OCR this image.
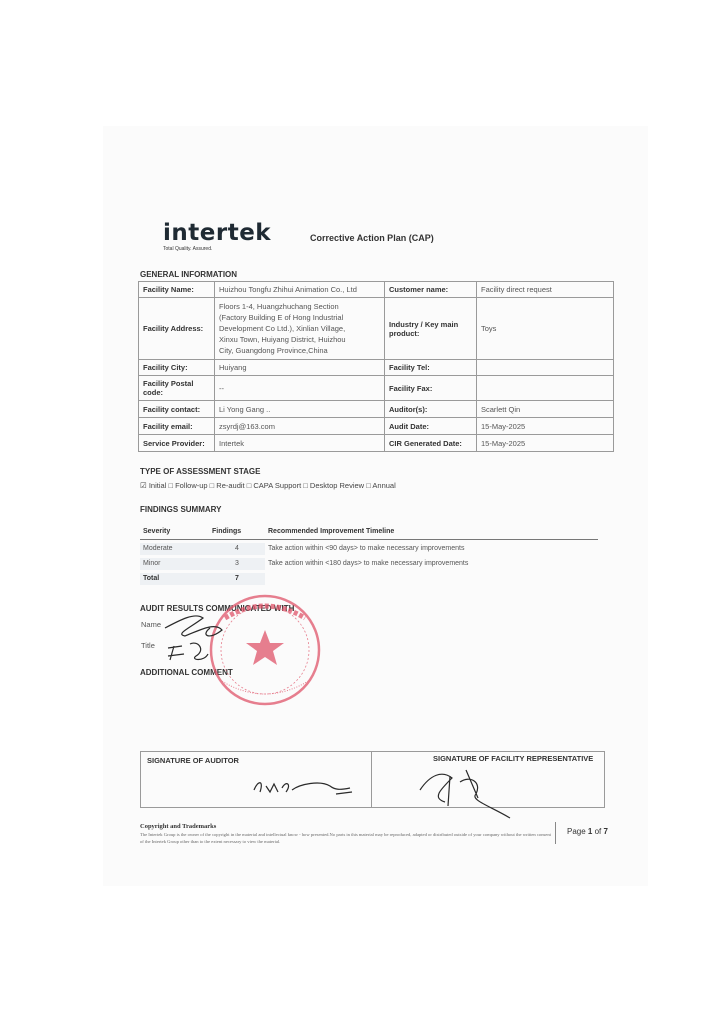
intertek
Total Quality. Assured.
Corrective Action Plan (CAP)
GENERAL INFORMATION
Facility Name:	Huizhou Tongfu Zhihui Animation Co., Ltd	Customer name:	Facility direct request
Facility Address:	Floors 1-4, Huangzhuchang Section
(Factory Building E of Hong Industrial
Development Co Ltd.), Xinlian Village,
Xinxu Town, Huiyang District, Huizhou
City, Guangdong Province,China	Industry / Key main product:	Toys
Facility City:	Huiyang	Facility Tel:	
Facility Postal code:	--	Facility Fax:	
Facility contact:	Li Yong Gang ..	Auditor(s):	Scarlett Qin
Facility email:	zsyrdj@163.com	Audit Date:	15-May-2025
Service Provider:	Intertek	CIR Generated Date:	15-May-2025
TYPE OF ASSESSMENT STAGE
☑ Initial □ Follow-up □ Re-audit □ CAPA Support □ Desktop Review □ Annual
FINDINGS SUMMARY
Severity	Findings	Recommended Improvement Timeline
Moderate	4	Take action within <90 days> to make necessary improvements
Minor	3	Take action within <180 days> to make necessary improvements
Total	7
AUDIT RESULTS COMMUNICATED WITH
Name
Title
ADDITIONAL COMMENT
SIGNATURE OF AUDITOR	SIGNATURE OF FACILITY REPRESENTATIVE
Copyright and Trademarks
The Intertek Group is the owner of the copyright in the material and intellectual know - how presented.No parts in this material may be reproduced, adapted or distributed outside of your company without the written consent of the Intertek Group other than to the extent necessary to view the material.
Page 1 of 7
